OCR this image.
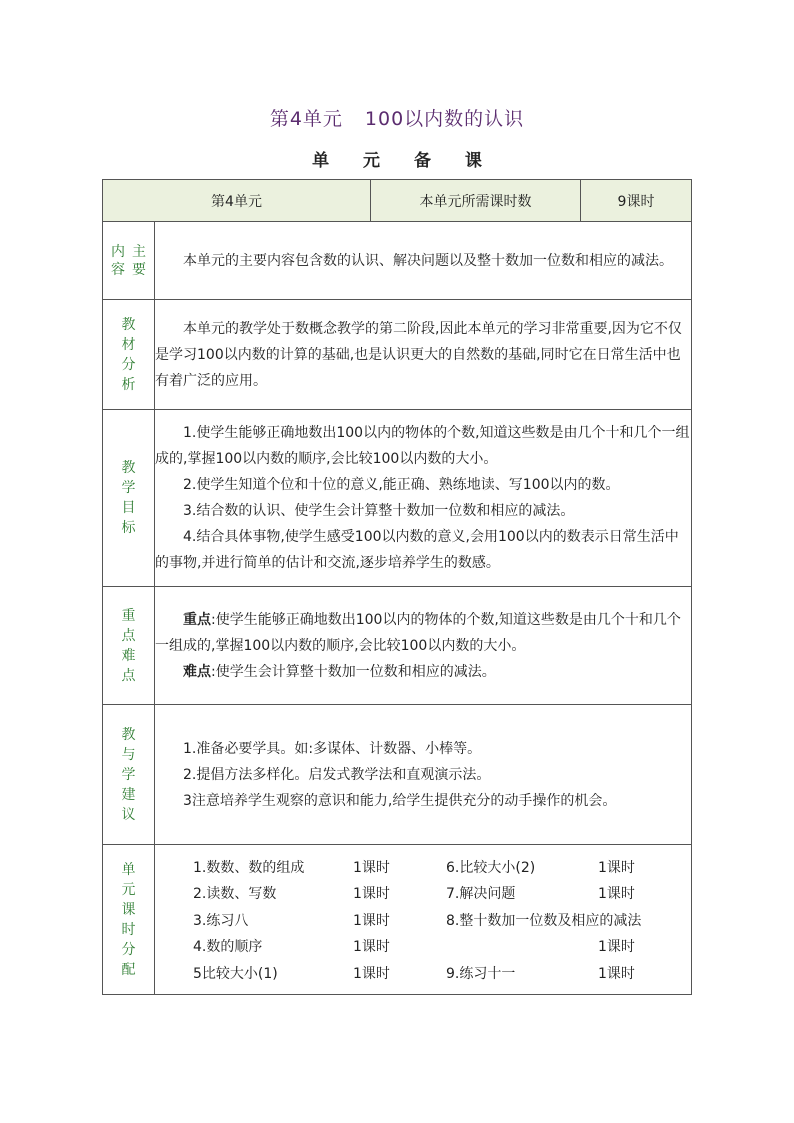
第4单元 100以内数的认识
单 元 备 课
第4单元	本单元所需课时数	9课时

内容
主要

本单元的主要内容包含数的认识、解决问题以及整十数加一位数和相应的减法。

教材分析	

本单元的教学处于数概念教学的第二阶段,因此本单元的学习非常重要,因为它不仅是学习100以内数的计算的基础,也是认识更大的自然数的基础,同时它在日常生活中也有着广泛的应用。

教学目标	

1.使学生能够正确地数出100以内的物体的个数,知道这些数是由几个十和几个一组成的,掌握100以内数的顺序,会比较100以内数的大小。

2.使学生知道个位和十位的意义,能正确、熟练地读、写100以内的数。

3.结合数的认识、使学生会计算整十数加一位数和相应的减法。

4.结合具体事物,使学生感受100以内数的意义,会用100以内的数表示日常生活中的事物,并进行简单的估计和交流,逐步培养学生的数感。

重点
难点	

重点:使学生能够正确地数出100以内的物体的个数,知道这些数是由几个十和几个一组成的,掌握100以内数的顺序,会比较100以内数的大小。

难点:使学生会计算整十数加一位数和相应的减法。

教与学建议	

1.准备必要学具。如:多谋体、计数器、小棒等。

2.提倡方法多样化。启发式教学法和直观演示法。

3注意培养学生观察的意识和能力,给学生提供充分的动手操作的机会。

单元课时分配	
1.数数、数的组成	1课时	6.比较大小(2)	1课时
2.读数、写数	1课时	7.解决问题	1课时
3.练习八	1课时	8.整十数加一位数及相应的减法
4.数的顺序	1课时		1课时
5比较大小(1)	1课时	9.练习十一	1课时
